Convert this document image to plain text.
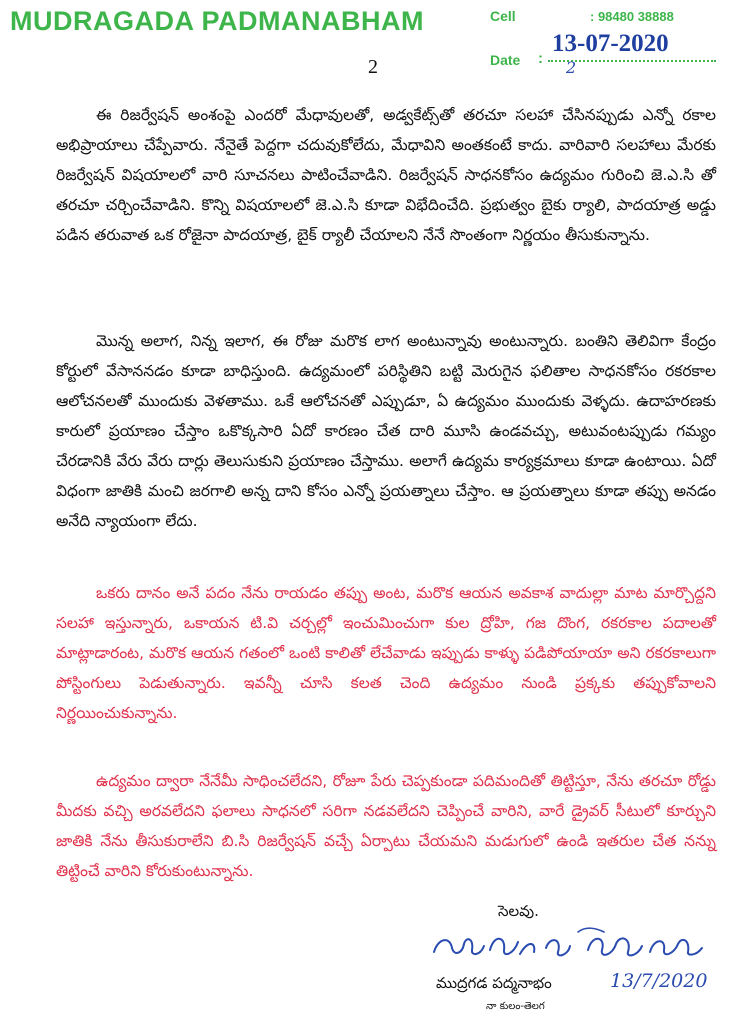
MUDRAGADA PADMANABHAM	Cell	: 98480 38888
Date :
13-07-2020
2
2

ఈ రిజర్వేషన్ అంశంపై ఎందరో మేధావులతో, అడ్వకేట్స్‌తో తరచూ సలహా చేసినప్పుడు ఎన్నో రకాల అభిప్రాయాలు చేప్పేవారు. నేనైతే పెద్దగా చదువుకోలేదు, మేధావిని అంతకంటే కాదు. వారివారి సలహాలు మేరకు రిజర్వేషన్ విషయాలలో వారి సూచనలు పాటించేవాడిని. రిజర్వేషన్ సాధనకోసం ఉద్యమం గురించి జె.ఎ.సి తో తరచూ చర్చించేవాడిని. కొన్ని విషయాలలో జె.ఎ.సి కూడా విభేదించేది. ప్రభుత్వం బైకు ర్యాలి, పాదయాత్ర అడ్డు పడిన తరువాత ఒక రోజైనా పాదయాత్ర, బైక్ ర్యాలీ చేయాలని నేనే సొంతంగా నిర్ణయం తీసుకున్నాను.

మొన్న అలాగ, నిన్న ఇలాగ, ఈ రోజు మరొక లాగ అంటున్నావు అంటున్నారు. బంతిని తెలివిగా కేంద్రం కోర్టులో వేసాననడం కూడా బాధిస్తుంది. ఉద్యమంలో పరిస్థితిని బట్టి మెరుగైన ఫలితాల సాధనకోసం రకరకాల ఆలోచనలతో ముందుకు వెళతాము. ఒకే ఆలోచనతో ఎప్పుడూ, ఏ ఉద్యమం ముందుకు వెళ్ళదు. ఉదాహరణకు కారులో ప్రయాణం చేస్తాం ఒకొక్కసారి ఏదో కారణం చేత దారి మూసి ఉండవచ్చు, అటువంటప్పుడు గమ్యం చేరడానికి వేరు వేరు దార్లు తెలుసుకుని ప్రయాణం చేస్తాము. అలాగే ఉద్యమ కార్యక్రమాలు కూడా ఉంటాయి. ఏదో విధంగా జాతికి మంచి జరగాలి అన్న దాని కోసం ఎన్నో ప్రయత్నాలు చేస్తాం. ఆ ప్రయత్నాలు కూడా తప్పు అనడం అనేది న్యాయంగా లేదు.

ఒకరు దానం అనే పదం నేను రాయడం తప్పు అంట, మరొక ఆయన అవకాశ వాదుల్లా మాట మార్చొద్దని సలహా ఇస్తున్నారు, ఒకాయన టి.వి చర్చల్లో ఇంచుమించుగా కుల ద్రోహి, గజ దొంగ, రకరకాల పదాలతో మాట్లాడారంట, మరొక ఆయన గతంలో ఒంటి కాలితో లేచేవాడు ఇప్పుడు కాళ్ళు పడిపోయాయా అని రకరకాలుగా పోస్టింగులు పెడుతున్నారు. ఇవన్నీ చూసి కలత చెంది ఉద్యమం నుండి ప్రక్కకు తప్పుకోవాలని నిర్ణయించుకున్నాను.

ఉద్యమం ద్వారా నేనేమీ సాధించలేదని, రోజూ పేరు చెప్పకుండా పదిమందితో తిట్టిస్తూ, నేను తరచూ రోడ్డు మీదకు వచ్చి అరవలేదని ఫలాలు సాధనలో సరిగా నడవలేదని చెప్పించే వారిని, వారే డ్రైవర్ సీటులో కూర్చుని జాతికి నేను తీసుకురాలేని బి.సి రిజర్వేషన్ వచ్చే ఏర్పాటు చేయమని మడుగులో ఉండి ఇతరుల చేత నన్ను తిట్టించే వారిని కోరుకుంటున్నాను.

సెలవు.
13/7/2020
ముద్రగడ పద్మనాభం
నా కులం-తెలగ
